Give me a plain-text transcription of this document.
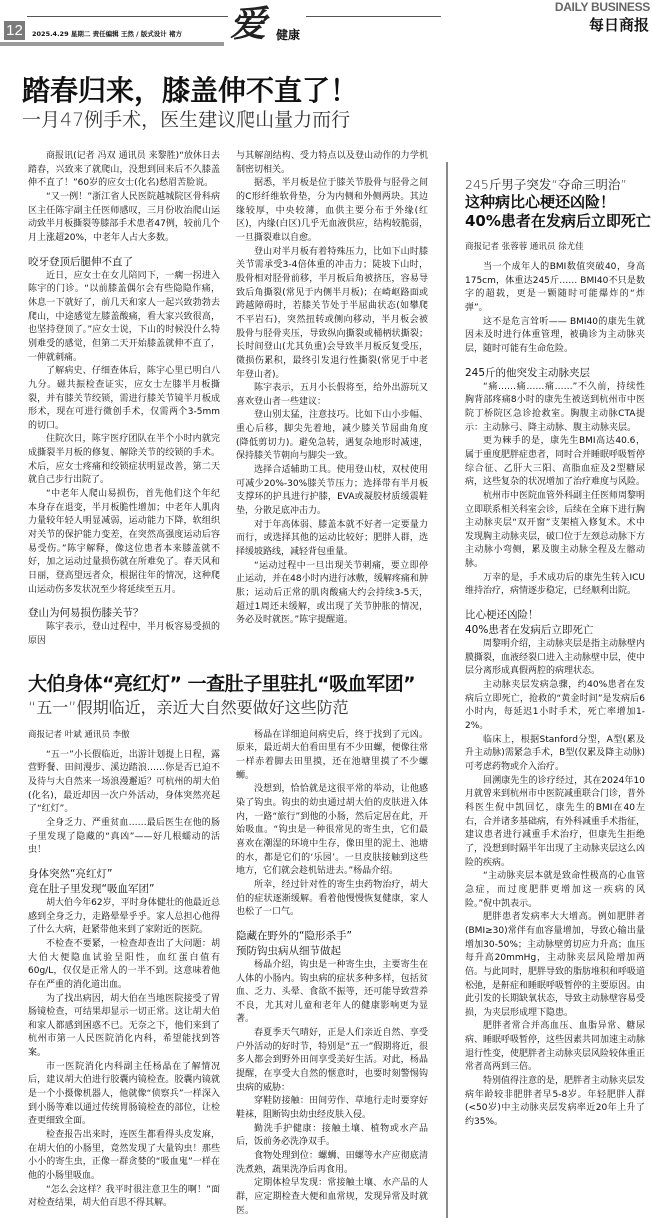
12	2025.4.29 星期二 责任编辑 王然 / 版式设计 褚方	爱 健康
DAILY BUSINESS
每日商报
踏春归来，膝盖伸不直了！
一月47例手术，医生建议爬山量力而行

商报讯(记者 冯双 通讯员 来黎胜)“放休日去踏春，兴致来了就爬山，没想到回来后不久膝盖伸不直了！”60岁的应女士(化名)愁眉苦脸说。

“又一例！”浙江省人民医院越城院区骨科病区主任陈宇副主任医师感叹，三月份收治爬山运动致半月板撕裂等膝部手术患者47例，较前几个月上涨超20%，中老年人占大多数。

咬牙登顶后腿伸不直了

近日，应女士在女儿陪同下，一瘸一拐进入陈宇的门诊。“以前膝盖偶尔会有些隐隐作痛，休息一下就好了，前几天和家人一起兴致勃勃去爬山，中途感觉左膝盖酸痛，看大家兴致很高，也坚持登顶了。”应女士说，下山的时候没什么特别难受的感觉，但第二天开始膝盖就伸不直了，一伸就刺痛。

了解病史、仔细查体后，陈宇心里已明白八九分。磁共振检查证实，应女士左膝半月板撕裂，并有膝关节绞锁，需进行膝关节镜半月板成形术，现在可进行微创手术，仅需两个3-5mm的切口。

住院次日，陈宇医疗团队在半个小时内就完成撕裂半月板的修复、解除关节的绞锁的手术。术后，应女士疼痛和绞锁症状明显改善，第二天就自己步行出院了。

“中老年人爬山易损伤，首先他们这个年纪本身存在退变，半月板脆性增加；中老年人肌肉力量较年轻人明显减弱，运动能力下降，软组织对关节的保护能力变差，在突然高强度运动后容易受伤。”陈宇解释，像这位患者本来膝盖就不好，加之运动过量损伤就在所难免了。春天风和日丽，登高望远者众，根据往年的情况，这种爬山运动伤多发状况至少将延续至五月。

登山为何易损伤膝关节？

陈宇表示，登山过程中，半月板容易受损的原因

与其解剖结构、受力特点以及登山动作的力学机制密切相关。

据悉，半月板是位于膝关节股骨与胫骨之间的C形纤维软骨垫，分为内侧和外侧两块。其边缘较厚，中央较薄，血供主要分布于外缘(红区)，内缘(白区)几乎无血液供应，结构较脆弱，一旦撕裂难以自愈。

登山对半月板有着特殊压力，比如下山时膝关节需承受3-4倍体重的冲击力；陡坡下山时，股骨相对胫骨前移，半月板后角被挤压，容易导致后角撕裂(常见于内侧半月板)；在崎岖路面或跨越障碍时，若膝关节处于半屈曲状态(如攀爬不平岩石)，突然扭转或侧向移动，半月板会被股骨与胫骨夹压，导致纵向撕裂或桶柄状撕裂；长时间登山(尤其负重)会导致半月板反复受压，微损伤累积，最终引发退行性撕裂(常见于中老年登山者)。

陈宇表示，五月小长假将至，给外出游玩又喜欢登山者一些建议：

登山别太猛，注意技巧。比如下山小步幅、重心后移，脚尖先着地，减少膝关节屈曲角度(降低剪切力)。避免急转，遇复杂地形时减速，保持膝关节朝向与脚尖一致。

选择合适辅助工具。使用登山杖，双杖使用可减少20%-30%膝关节压力；选择带有半月板支撑环的护具进行护膝，EVA或凝胶材质缓震鞋垫，分散足底冲击力。

对于年高体弱、膝盖本就不好者一定要量力而行，或选择其他的运动比较好；肥胖人群，选择缓坡路线，减轻背包重量。

“运动过程中一旦出现关节刺痛，要立即停止运动，并在48小时内进行冰敷，缓解疼痛和肿胀；运动后正常的肌肉酸痛大约会持续3-5天，超过1周还未缓解，或出现了关节肿胀的情况，务必及时就医。”陈宇提醒道。

大伯身体“亮红灯” 一查肚子里驻扎“吸血军团”
“五一”假期临近，亲近大自然要做好这些防范
商报记者 叶斌 通讯员 李傲

“五一”小长假临近，出游计划提上日程，露营野餐、田间漫步、溪边踏浪……你是否已迫不及待与大自然来一场浪漫邂逅？可杭州的胡大伯(化名)，最近却因一次户外活动，身体突然亮起了“红灯”。

全身乏力、严重贫血……最后医生在他的肠子里发现了隐藏的“真凶”——好几根蠕动的活虫！

身体突然“亮红灯”
竟在肚子里发现“吸血军团”

胡大伯今年62岁，平时身体健壮的他最近总感到全身乏力，走路晕晕乎乎。家人总担心他得了什么大病，赶紧带他来到了家附近的医院。

不检查不要紧，一检查却查出了大问题：胡大伯大便隐血试验呈阳性，血红蛋白值有60g/L，仅仅是正常人的一半不到。这意味着他存在严重的消化道出血。

为了找出病因，胡大伯在当地医院接受了胃肠镜检查，可结果却显示一切正常。这让胡大伯和家人都感到困惑不已。无奈之下，他们来到了杭州市第一人民医院消化内科，希望能找到答案。

市一医院消化内科副主任杨晶在了解情况后，建议胡大伯进行胶囊内镜检查。胶囊内镜就是一个小摄像机器人，他就像“侦察兵”一样深入到小肠等难以通过传统胃肠镜检查的部位，让检查更细致全面。

检查报告出来时，连医生都看得头皮发麻，在胡大伯的小肠里，竟然发现了大量钩虫！那些小小的寄生虫，正像一群贪婪的“吸血鬼”一样在他的小肠里吸血。

“怎么会这样？我平时很注意卫生的啊！”面对检查结果，胡大伯百思不得其解。

杨晶在详细追问病史后，终于找到了元凶。原来，最近胡大伯看田里有不少田螺，便像往常一样赤着脚去田里摸，还在池塘里摸了不少螺蛳。

没想到，恰恰就是这很平常的举动，让他感染了钩虫。钩虫的幼虫通过胡大伯的皮肤进入体内，一路“旅行”到他的小肠，然后定居在此，开始吸血。“钩虫是一种很常见的寄生虫，它们最喜欢在潮湿的环境中生存，像田里的泥土、池塘的水，都是它们的‘乐园’。一旦皮肤接触到这些地方，它们就会趁机钻进去。”杨晶介绍。

所幸，经过针对性的寄生虫药物治疗，胡大伯的症状逐渐缓解。看着他慢慢恢复健康，家人也松了一口气。

隐藏在野外的“隐形杀手”
预防钩虫病从细节做起

杨晶介绍，钩虫是一种寄生虫，主要寄生在人体的小肠内。钩虫病的症状多种多样，包括贫血、乏力、头晕、食欲不振等，还可能导致营养不良，尤其对儿童和老年人的健康影响更为显著。

春夏季天气晴好，正是人们亲近自然、享受户外活动的好时节，特别是“五一”假期将近，很多人都会到野外田间享受美好生活。对此，杨晶提醒，在享受大自然的惬意时，也要时刻警惕钩虫病的威胁：

穿鞋防接触：田间劳作、草地行走时要穿好鞋袜，阻断钩虫幼虫经皮肤入侵。

勤洗手护健康：接触土壤、植物或水产品后，饭前务必洗净双手。

食物处理到位：螺蛳、田螺等水产应彻底清洗煮熟，蔬果洗净后再食用。

定期体检早发现：常接触土壤、水产品的人群，应定期检查大便和血常规，发现异常及时就医。

245斤男子突发“夺命三明治”
这种病比心梗还凶险！
40%患者在发病后立即死亡
商报记者 张蓉蓉 通讯员 徐尤佳

当一个成年人的BMI数值突破40，身高175cm，体重达245斤…… BMI40不只是数字的超载，更是一颗随时可能爆炸的“炸弹”。

这不是危言耸听—— BMI40的康先生就因未及时进行体重管理，被确诊为主动脉夹层，随时可能有生命危险。

245斤的他突发主动脉夹层

“痛……痛……痛……”不久前，持续性胸背部疼痛8小时的康先生被送到杭州市中医院丁桥院区急诊抢救室。胸腹主动脉CTA提示：主动脉弓、降主动脉、腹主动脉夹层。

更为棘手的是，康先生BMI高达40.6，属于重度肥胖症患者，同时合并睡眠呼吸暂停综合征、乙肝大三阳、高脂血症及2型糖尿病，这些复杂的状况增加了治疗难度与风险。

杭州市中医院血管外科副主任医师周黎明立即联系相关科室会诊，后续在全麻下进行胸主动脉夹层“双开窗”支架植入修复术。术中发现胸主动脉夹层，破口位于左颈总动脉下方主动脉小弯侧，累及腹主动脉全程及左髂动脉。

万幸的是，手术成功后的康先生转入ICU维持治疗，病情逐步稳定，已经顺利出院。

比心梗还凶险！
40%患者在发病后立即死亡

周黎明介绍，主动脉夹层是指主动脉壁内膜撕裂，血液经裂口进入主动脉壁中层，使中层分离形成真假两腔的病理状态。

主动脉夹层发病急骤，约40%患者在发病后立即死亡，抢救的“黄金时间”是发病后6小时内，每延迟1小时手术，死亡率增加1-2%。

临床上，根据Stanford分型，A型(累及升主动脉)需紧急手术，B型(仅累及降主动脉)可考虑药物或介入治疗。

回溯康先生的诊疗经过，其在2024年10月就曾来到杭州市中医院减重联合门诊，普外科医生倪中凯回忆，康先生的BMI在40左右，合并诸多基础病，有外科减重手术指征，建议患者进行减重手术治疗，但康先生拒绝了，没想到时隔半年出现了主动脉夹层这么凶险的疾病。

“主动脉夹层本就是致命性极高的心血管急症，而过度肥胖更增加这一疾病的风险。”倪中凯表示。

肥胖患者发病率大大增高。例如肥胖者(BMI≥30)常伴有血容量增加，导致心输出量增加30-50%；主动脉壁剪切应力升高；血压每升高20mmHg，主动脉夹层风险增加两倍。与此同时，肥胖导致的脂肪堆积和呼吸道松弛，是鼾症和睡眠呼吸暂停的主要原因。由此引发的长期缺氧状态，导致主动脉壁容易受损，为夹层形成埋下隐患。

肥胖者常合并高血压、血脂异常、糖尿病、睡眠呼吸暂停，这些因素共同加速主动脉退行性变，使肥胖者主动脉夹层风险较体重正常者高两到三倍。

特别值得注意的是，肥胖者主动脉夹层发病年龄较非肥胖者早5-8岁。年轻肥胖人群(<50岁)中主动脉夹层发病率近20年上升了约35%。
